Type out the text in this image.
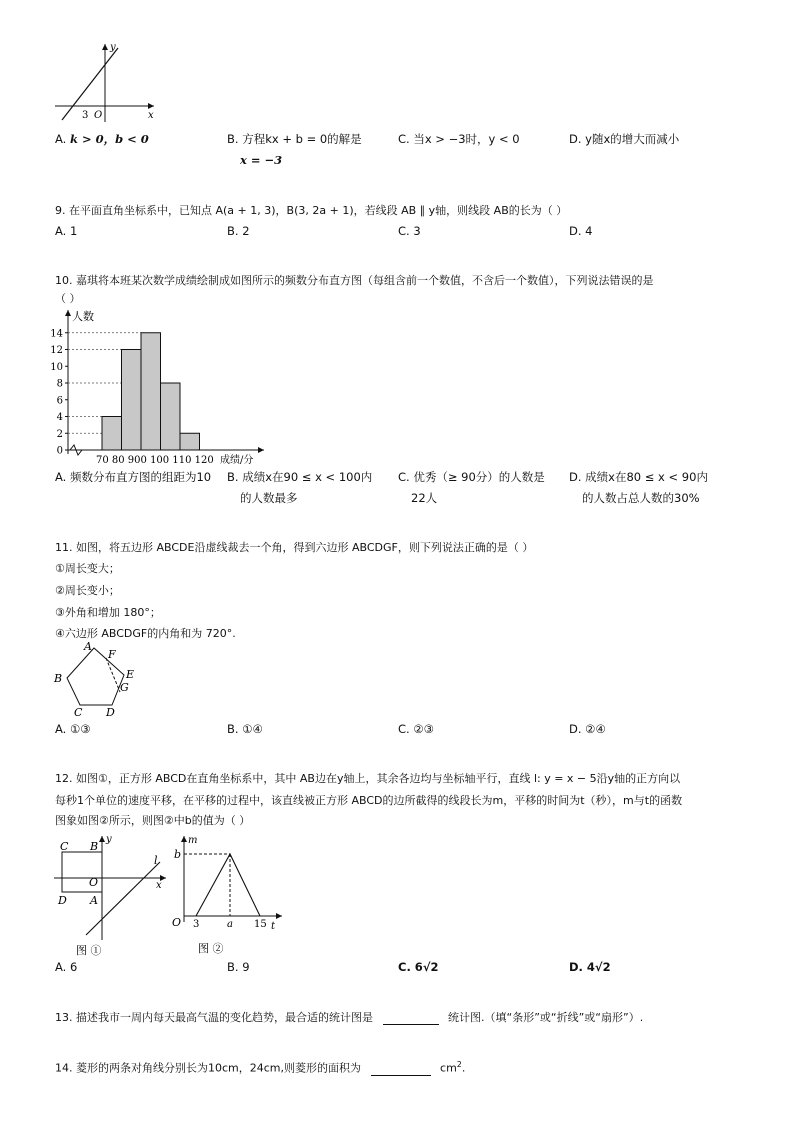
x
y
O
3
A. k > 0，b < 0	B. 方程kx + b = 0的解是
x = −3
C. 当x > −3时，y < 0	D. y随x的增大而减小
9. 在平面直角坐标系中，已知点 A(a + 1, 3)，B(3, 2a + 1)，若线段 AB ∥ y轴，则线段 AB的长为（ ）
A. 1	B. 2	C. 3	D. 4
10. 嘉琪将本班某次数学成绩绘制成如图所示的频数分布直方图（每组含前一个数值，不含后一个数值），下列说法错误的是
（ ）
0
2
4
6
8
10
12
14
70 80 900 100 110 120
人数
成绩/分
A. 频数分布直方图的组距为10 B. 成绩x在90 ≤ x < 100内
的人数最多
C. 优秀（≥ 90分）的人数是
22人
D. 成绩x在80 ≤ x < 90内
的人数占总人数的30%
11. 如图，将五边形 ABCDE沿虚线裁去一个角，得到六边形 ABCDGF，则下列说法正确的是（ ）
①周长变大；
②周长变小；
③外角和增加 180°；
④六边形 ABCDGF的内角和为 720°.
A
F
B	E
G
C D
A. ①③	B. ①④	C. ②③	D. ②④
12. 如图①，正方形 ABCD在直角坐标系中，其中 AB边在y轴上，其余各边均与坐标轴平行，直线 l: y = x − 5沿y轴的正方向以
每秒1个单位的速度平移，在平移的过程中，该直线被正方形 ABCD的边所截得的线段长为m，平移的时间为t（秒），m与t的函数
图象如图②所示，则图②中b的值为（ ）
C B
y
O
D A
l
x
图 ①
m
b
O 3	a 15 t
图 ②
A. 6	B. 9	C. 6√2	D. 4√2
13. 描述我市一周内每天最高气温的变化趋势，最合适的统计图是	统计图.（填“条形”或“折线”或“扇形”）.
14. 菱形的两条对角线分别长为10cm，24cm,则菱形的面积为	$cm^2$.
